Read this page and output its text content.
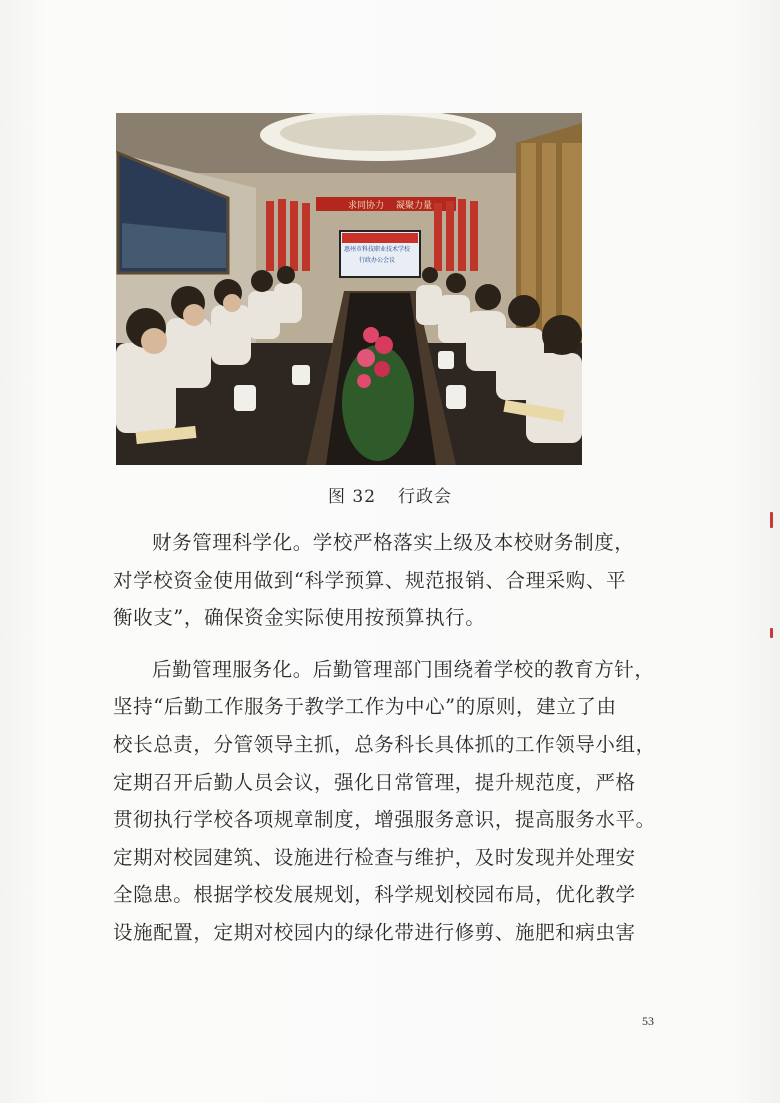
求同协力 凝聚力量
惠州市科技职业技术学校
行政办公会议
图 32 行政会

财务管理科学化。学校严格落实上级及本校财务制度，
对学校资金使用做到“科学预算、规范报销、合理采购、平
衡收支”，确保资金实际使用按预算执行。

后勤管理服务化。后勤管理部门围绕着学校的教育方针，
坚持“后勤工作服务于教学工作为中心”的原则，建立了由
校长总责，分管领导主抓，总务科长具体抓的工作领导小组，
定期召开后勤人员会议，强化日常管理，提升规范度，严格
贯彻执行学校各项规章制度，增强服务意识，提高服务水平。
定期对校园建筑、设施进行检查与维护，及时发现并处理安
全隐患。根据学校发展规划，科学规划校园布局，优化教学
设施配置，定期对校园内的绿化带进行修剪、施肥和病虫害

53
